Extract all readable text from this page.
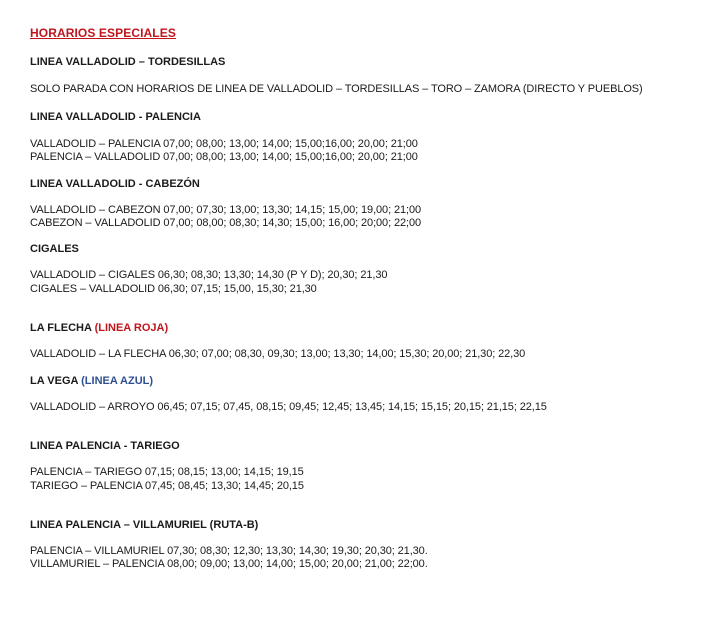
HORARIOS ESPECIALES
LINEA VALLADOLID – TORDESILLAS
SOLO PARADA CON HORARIOS DE LINEA DE VALLADOLID – TORDESILLAS – TORO – ZAMORA (DIRECTO Y PUEBLOS)
LINEA VALLADOLID - PALENCIA
VALLADOLID – PALENCIA 07,00; 08,00; 13,00; 14,00; 15,00;16,00; 20,00; 21;00
PALENCIA – VALLADOLID 07,00; 08,00; 13,00; 14,00; 15,00;16,00; 20,00; 21;00
LINEA VALLADOLID - CABEZÓN
VALLADOLID – CABEZON 07,00; 07,30; 13,00; 13,30; 14,15; 15,00; 19,00; 21;00
CABEZON – VALLADOLID 07,00; 08,00; 08,30; 14,30; 15,00; 16,00; 20;00; 22;00
CIGALES
VALLADOLID – CIGALES 06,30; 08,30; 13,30; 14,30 (P Y D); 20,30; 21,30
CIGALES – VALLADOLID 06,30; 07,15; 15,00, 15,30; 21,30
LA FLECHA (LINEA ROJA)
VALLADOLID – LA FLECHA 06,30; 07,00; 08,30, 09,30; 13,00; 13,30; 14,00; 15,30; 20,00; 21,30; 22,30
LA VEGA (LINEA AZUL)
VALLADOLID – ARROYO 06,45; 07,15; 07,45, 08,15; 09,45; 12,45; 13,45; 14,15; 15,15; 20,15; 21,15; 22,15
LINEA PALENCIA - TARIEGO
PALENCIA – TARIEGO 07,15; 08,15; 13,00; 14,15; 19,15
TARIEGO – PALENCIA 07,45; 08,45; 13,30; 14,45; 20,15
LINEA PALENCIA – VILLAMURIEL (RUTA-B)
PALENCIA – VILLAMURIEL 07,30; 08,30; 12,30; 13,30; 14,30; 19,30; 20,30; 21,30.
VILLAMURIEL – PALENCIA 08,00; 09,00; 13,00; 14,00; 15,00; 20,00; 21,00; 22;00.
